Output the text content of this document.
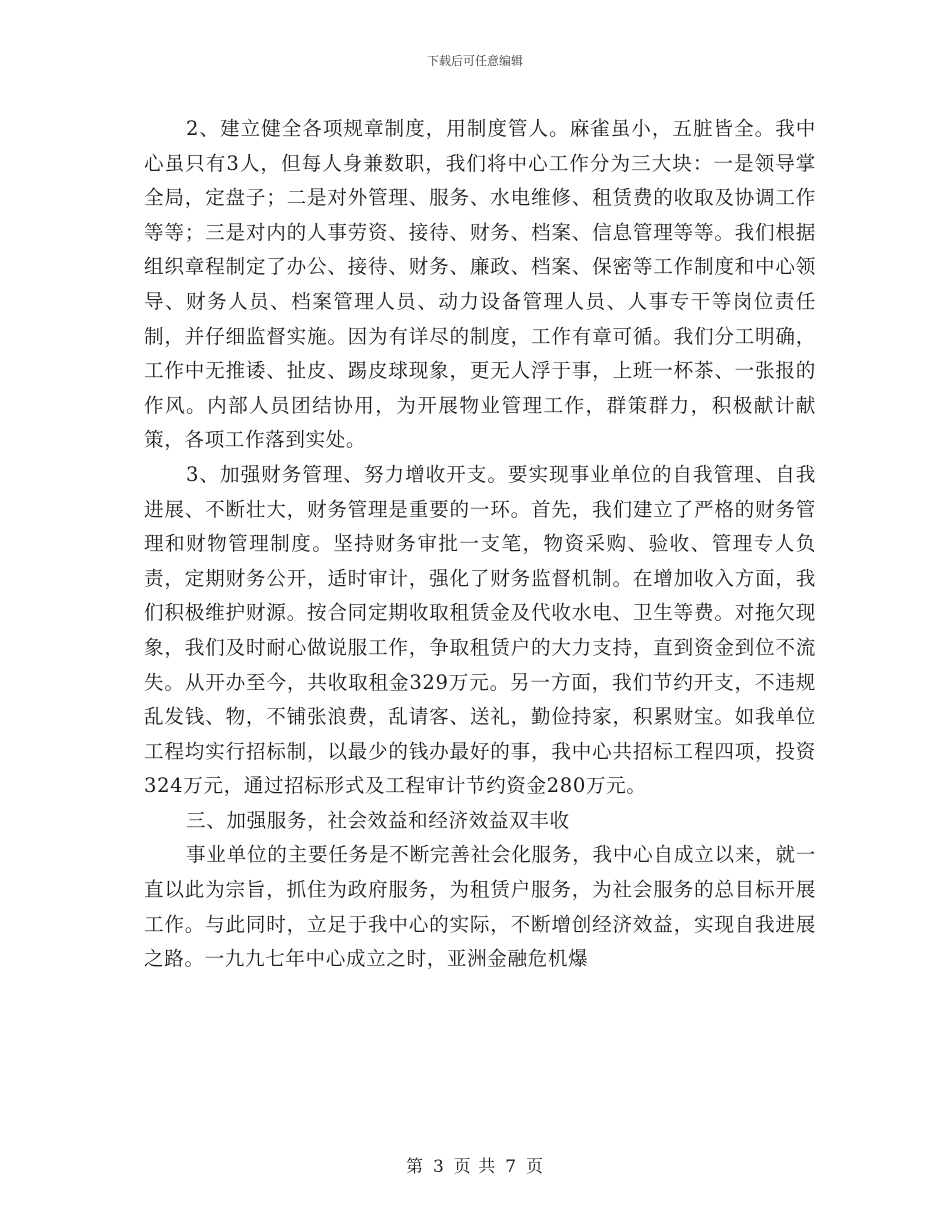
下载后可任意编辑

2、建立健全各项规章制度，用制度管人。麻雀虽小，五脏皆全。我中心虽只有3人，但每人身兼数职，我们将中心工作分为三大块：一是领导掌全局，定盘子；二是对外管理、服务、水电维修、租赁费的收取及协调工作等等；三是对内的人事劳资、接待、财务、档案、信息管理等等。我们根据组织章程制定了办公、接待、财务、廉政、档案、保密等工作制度和中心领导、财务人员、档案管理人员、动力设备管理人员、人事专干等岗位责任制，并仔细监督实施。因为有详尽的制度，工作有章可循。我们分工明确，工作中无推诿、扯皮、踢皮球现象，更无人浮于事，上班一杯茶、一张报的作风。内部人员团结协用，为开展物业管理工作，群策群力，积极献计献策，各项工作落到实处。

3、加强财务管理、努力增收开支。要实现事业单位的自我管理、自我进展、不断壮大，财务管理是重要的一环。首先，我们建立了严格的财务管理和财物管理制度。坚持财务审批一支笔，物资采购、验收、管理专人负责，定期财务公开，适时审计，强化了财务监督机制。在增加收入方面，我们积极维护财源。按合同定期收取租赁金及代收水电、卫生等费。对拖欠现象，我们及时耐心做说服工作，争取租赁户的大力支持，直到资金到位不流失。从开办至今，共收取租金329万元。另一方面，我们节约开支，不违规乱发钱、物，不铺张浪费，乱请客、送礼，勤俭持家，积累财宝。如我单位工程均实行招标制，以最少的钱办最好的事，我中心共招标工程四项，投资324万元，通过招标形式及工程审计节约资金280万元。

三、加强服务，社会效益和经济效益双丰收

事业单位的主要任务是不断完善社会化服务，我中心自成立以来，就一直以此为宗旨，抓住为政府服务，为租赁户服务，为社会服务的总目标开展工作。与此同时，立足于我中心的实际，不断增创经济效益，实现自我进展之路。一九九七年中心成立之时，亚洲金融危机爆

第 3 页 共 7 页
